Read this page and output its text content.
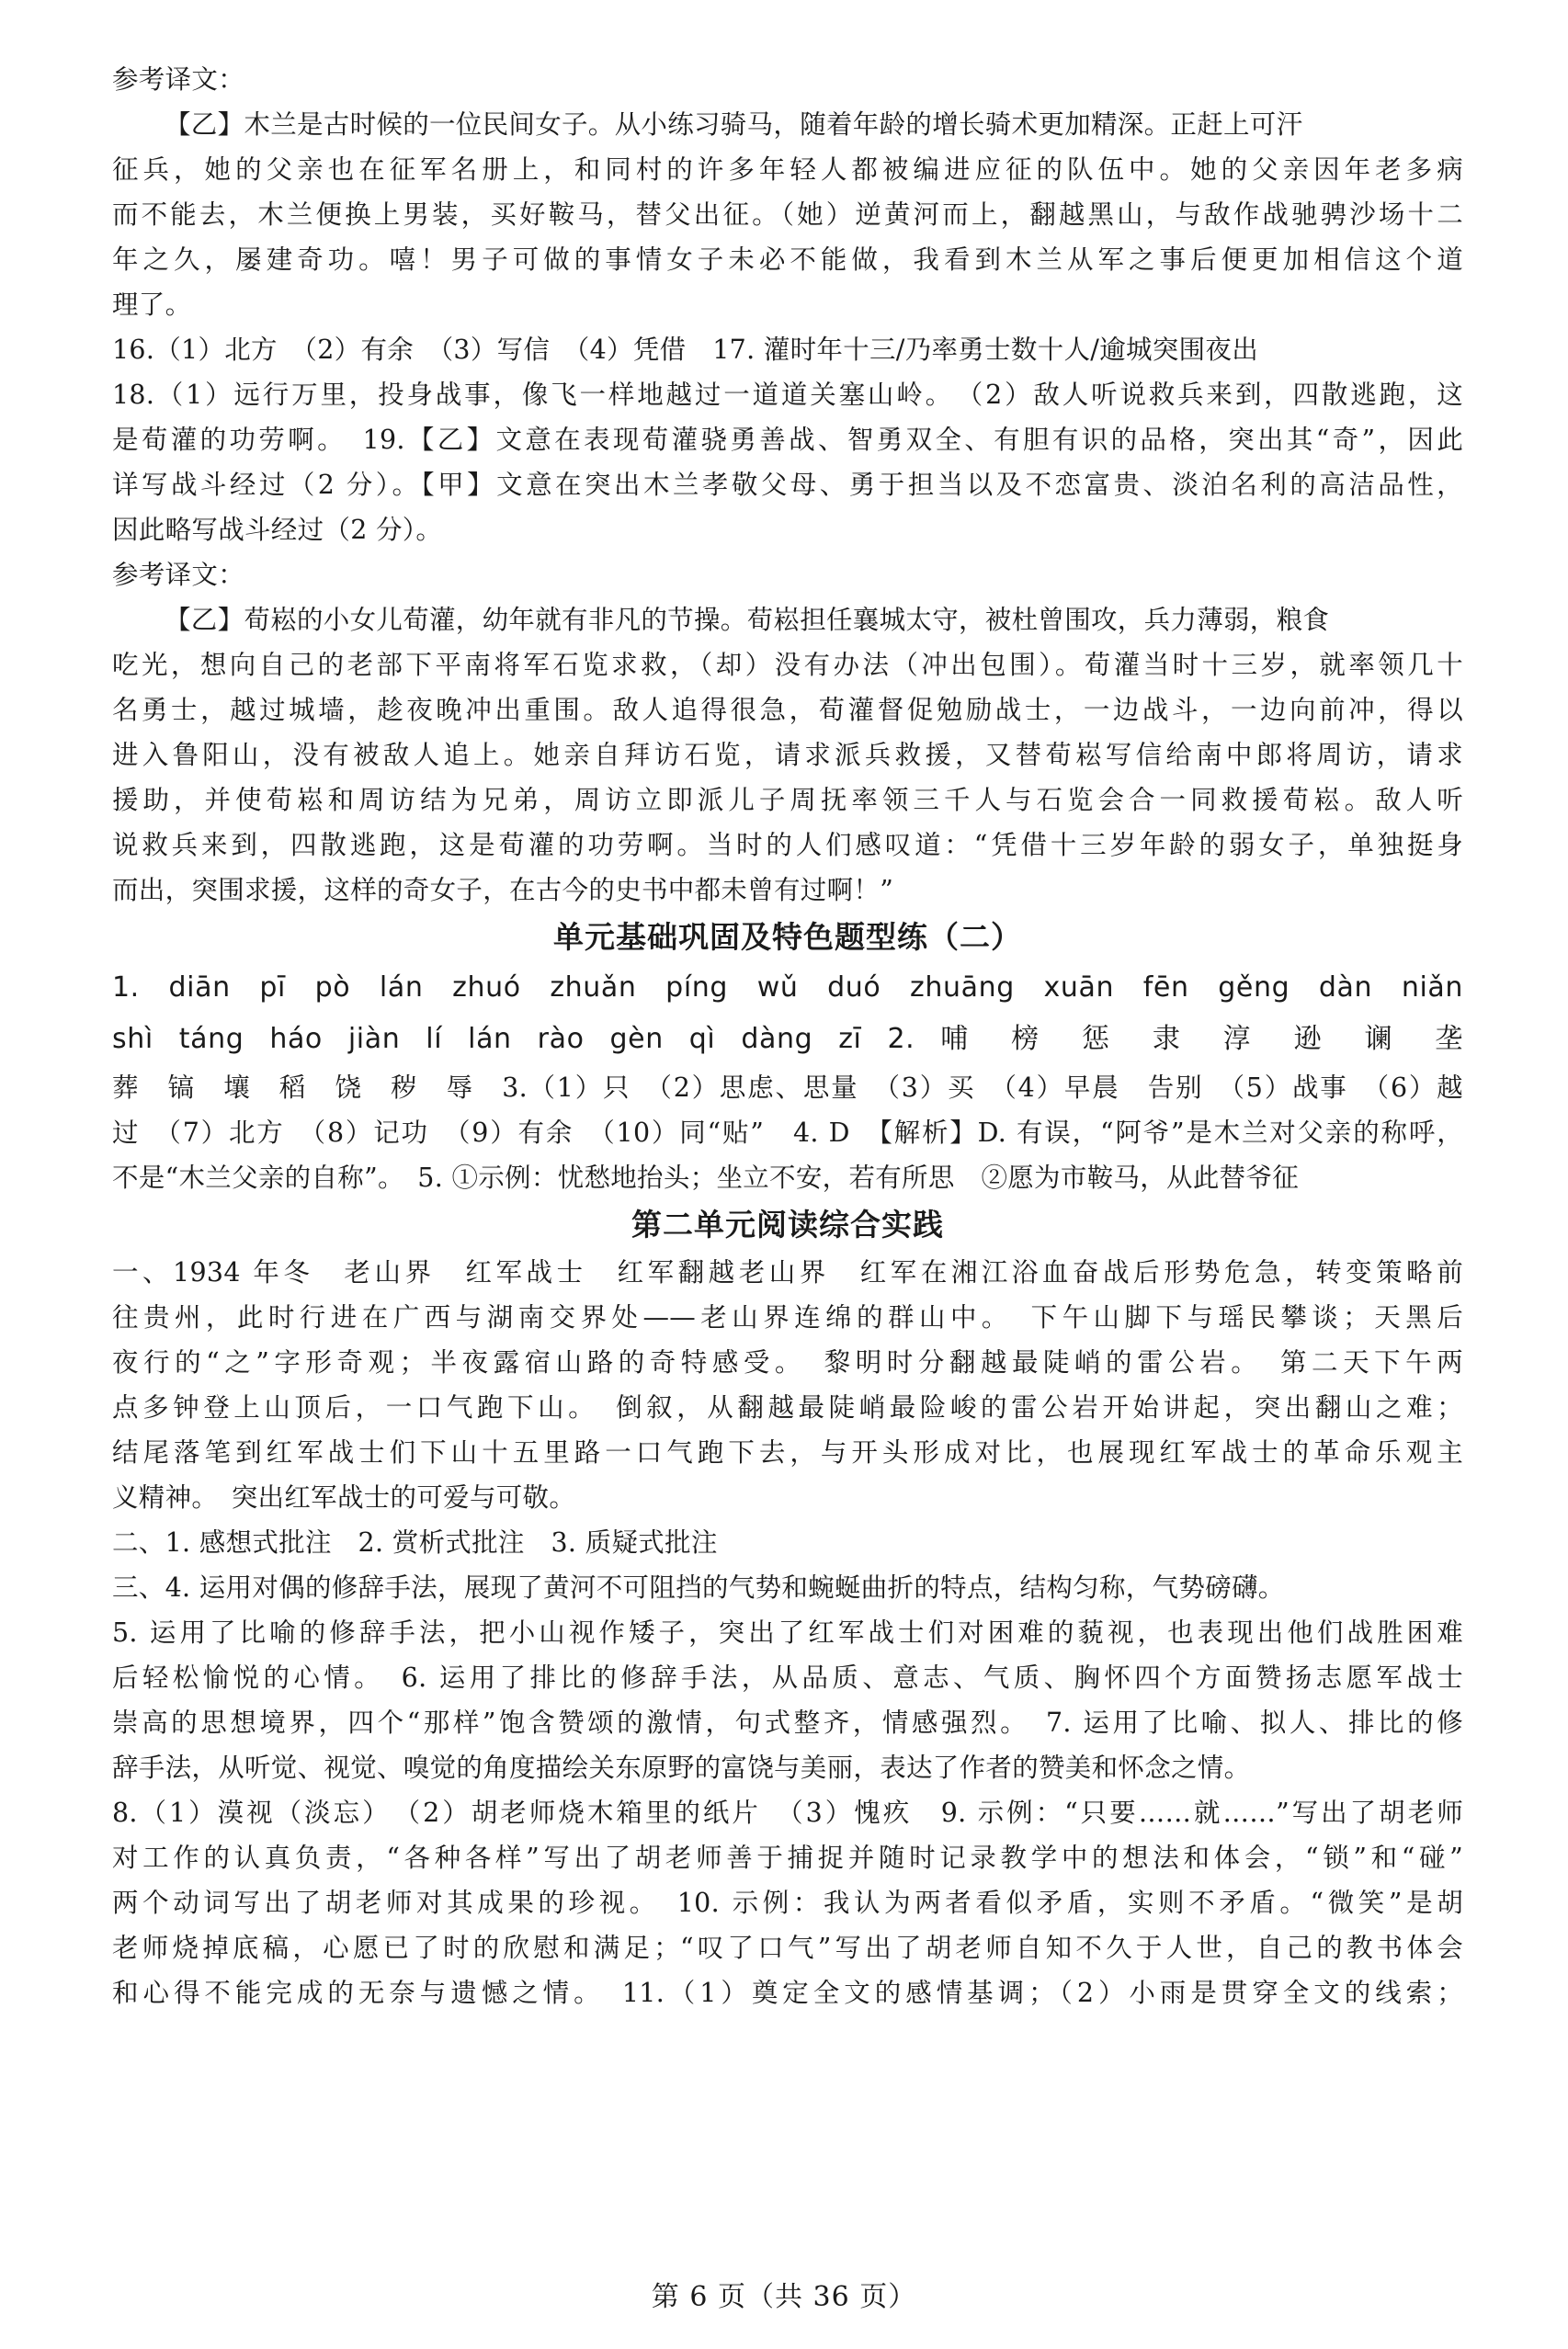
参考译文：
【乙】木兰是古时候的一位民间女子。从小练习骑马，随着年龄的增长骑术更加精深。正赶上可汗
征兵，她的父亲也在征军名册上，和同村的许多年轻人都被编进应征的队伍中。她的父亲因年老多病
而不能去，木兰便换上男装，买好鞍马，替父出征。（她）逆黄河而上，翻越黑山，与敌作战驰骋沙场十二
年之久，屡建奇功。嘻！男子可做的事情女子未必不能做，我看到木兰从军之事后便更加相信这个道
理了。
16.（1）北方　（2）有余　（3）写信　（4）凭借　17. 灌时年十三/乃率勇士数十人/逾城突围夜出
18.（1）远行万里，投身战事，像飞一样地越过一道道关塞山岭。　（2）敌人听说救兵来到，四散逃跑，这
是荀灌的功劳啊。　19.【乙】文意在表现荀灌骁勇善战、智勇双全、有胆有识的品格，突出其“奇”，因此
详写战斗经过（2 分）。【甲】文意在突出木兰孝敬父母、勇于担当以及不恋富贵、淡泊名利的高洁品性，
因此略写战斗经过（2 分）。
参考译文：
【乙】荀崧的小女儿荀灌，幼年就有非凡的节操。荀崧担任襄城太守，被杜曾围攻，兵力薄弱，粮食
吃光，想向自己的老部下平南将军石览求救，（却）没有办法（冲出包围）。荀灌当时十三岁，就率领几十
名勇士，越过城墙，趁夜晚冲出重围。敌人追得很急，荀灌督促勉励战士，一边战斗，一边向前冲，得以
进入鲁阳山，没有被敌人追上。她亲自拜访石览，请求派兵救援，又替荀崧写信给南中郎将周访，请求
援助，并使荀崧和周访结为兄弟，周访立即派儿子周抚率领三千人与石览会合一同救援荀崧。敌人听
说救兵来到，四散逃跑，这是荀灌的功劳啊。当时的人们感叹道：“凭借十三岁年龄的弱女子，单独挺身
而出，突围求援，这样的奇女子，在古今的史书中都未曾有过啊！”
单元基础巩固及特色题型练（二）
1. diān pī pò lán zhuó zhuǎn píng wǔ duó zhuāng xuān fēn gěng dàn niǎn
shì táng háo jiàn lí lán rào gèn qì dàng zī 2. 哺　榜　惩　隶　淳　逊　谰　垄
葬　镐　壤　稻　饶　秽　辱　3.（1）只　（2）思虑、思量　（3）买　（4）早晨　告别　（5）战事　（6）越
过　（7）北方　（8）记功　（9）有余　（10）同“贴”　4. D　【解析】D. 有误，“阿爷”是木兰对父亲的称呼，
不是“木兰父亲的自称”。　5. ①示例：忧愁地抬头；坐立不安，若有所思　②愿为市鞍马，从此替爷征
第二单元阅读综合实践
一、1934 年冬　老山界　红军战士　红军翻越老山界　红军在湘江浴血奋战后形势危急，转变策略前
往贵州，此时行进在广西与湖南交界处——老山界连绵的群山中。　下午山脚下与瑶民攀谈；天黑后
夜行的“之”字形奇观；半夜露宿山路的奇特感受。　黎明时分翻越最陡峭的雷公岩。　第二天下午两
点多钟登上山顶后，一口气跑下山。　倒叙，从翻越最陡峭最险峻的雷公岩开始讲起，突出翻山之难；
结尾落笔到红军战士们下山十五里路一口气跑下去，与开头形成对比，也展现红军战士的革命乐观主
义精神。　突出红军战士的可爱与可敬。
二、1. 感想式批注　2. 赏析式批注　3. 质疑式批注
三、4. 运用对偶的修辞手法，展现了黄河不可阻挡的气势和蜿蜒曲折的特点，结构匀称，气势磅礴。
5. 运用了比喻的修辞手法，把小山视作矮子，突出了红军战士们对困难的藐视，也表现出他们战胜困难
后轻松愉悦的心情。　6. 运用了排比的修辞手法，从品质、意志、气质、胸怀四个方面赞扬志愿军战士
崇高的思想境界，四个“那样”饱含赞颂的激情，句式整齐，情感强烈。　7. 运用了比喻、拟人、排比的修
辞手法，从听觉、视觉、嗅觉的角度描绘关东原野的富饶与美丽，表达了作者的赞美和怀念之情。
8.（1）漠视（淡忘）　（2）胡老师烧木箱里的纸片　（3）愧疚　9. 示例：“只要……就……”写出了胡老师
对工作的认真负责，“各种各样”写出了胡老师善于捕捉并随时记录教学中的想法和体会，“锁”和“碰”
两个动词写出了胡老师对其成果的珍视。　10. 示例：我认为两者看似矛盾，实则不矛盾。“微笑”是胡
老师烧掉底稿，心愿已了时的欣慰和满足；“叹了口气”写出了胡老师自知不久于人世，自己的教书体会
和心得不能完成的无奈与遗憾之情。　11.（1）奠定全文的感情基调；（2）小雨是贯穿全文的线索；
第 6 页（共 36 页）
